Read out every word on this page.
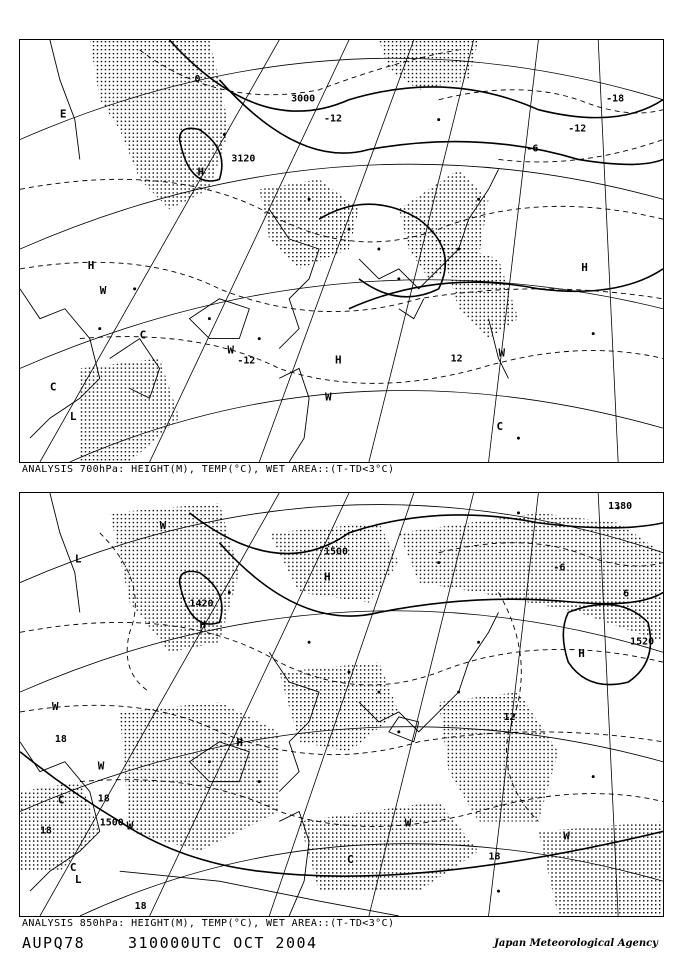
3000
3120
-12
-12
-12	12
-18
-6
0
H
H	H
H
L
C
C
C
W
W
W
W
E
ANALYSIS 700hPa: HEIGHT(M), TEMP(°C), WET AREA::(T-TD<3°C)
1500
1420
1500
1520
1380
12
18
18
18
18
18
6
-6
H
H
H
H
W
W
W
W	W
W
L
L
C
C
C
ANALYSIS 850hPa: HEIGHT(M), TEMP(°C), WET AREA::(T-TD<3°C)
AUPQ78	310000UTC OCT 2004	Japan Meteorological Agency
